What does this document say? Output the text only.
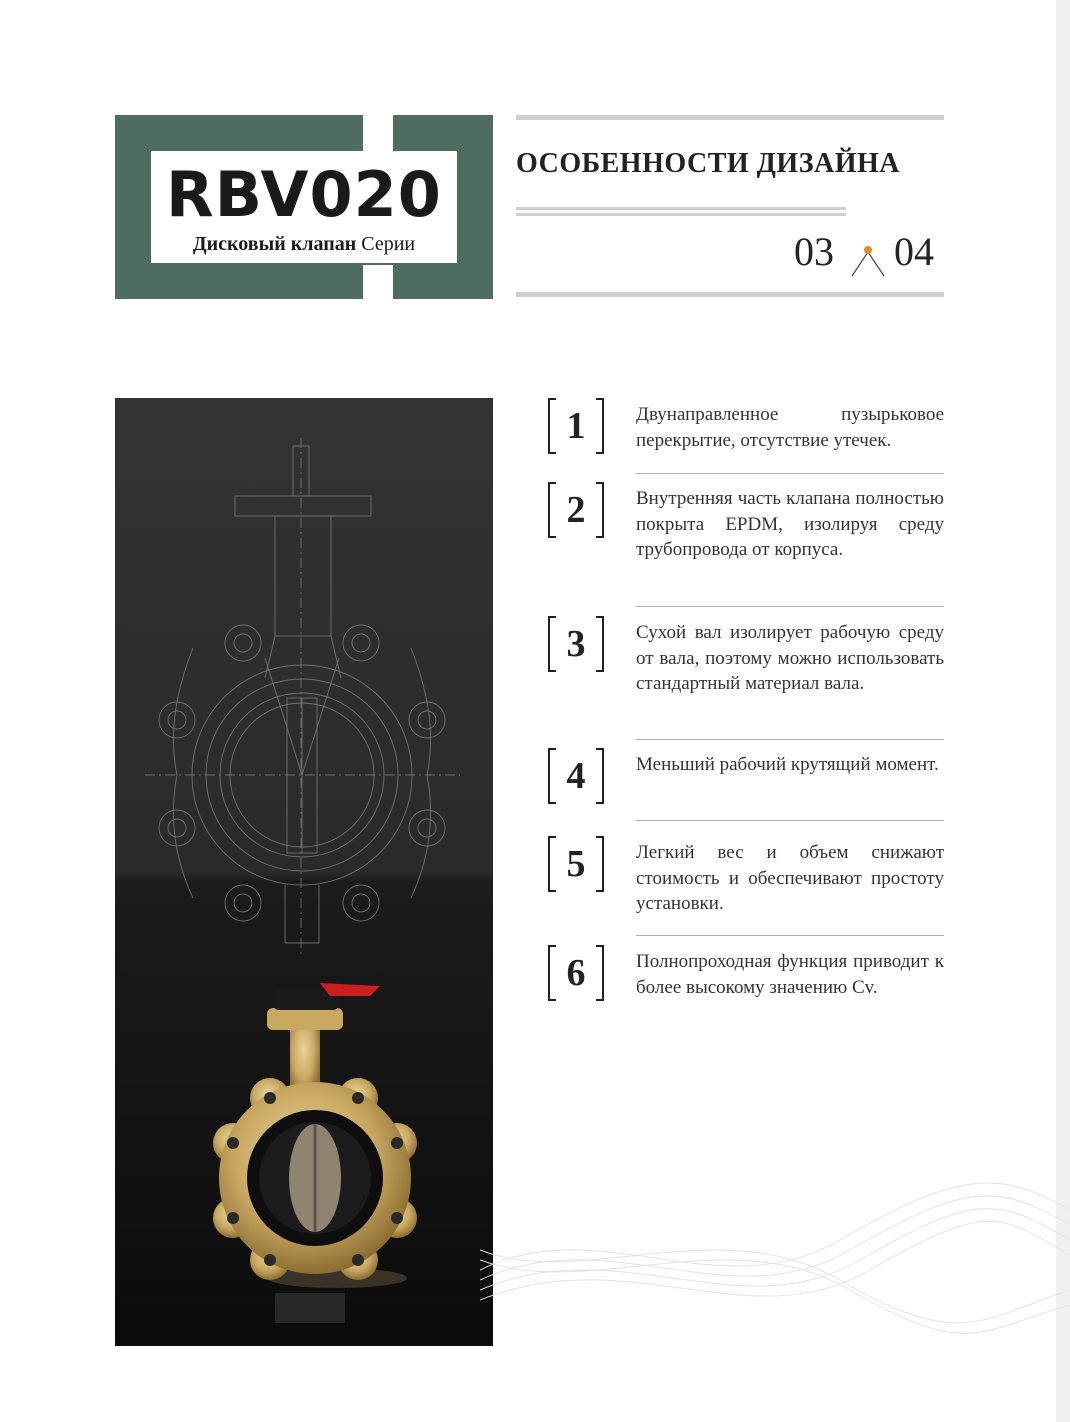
RBV020
Дисковый клапан Серии
ОСОБЕННОСТИ ДИЗАЙНА
03 04
1	Двунаправленное пузырьковое перекрытие, отсутствие утечек.
2	Внутренняя часть клапана полностью покрыта EPDM, изолируя среду трубопровода от корпуса.
3	Сухой вал изолирует рабочую среду от вала, поэтому можно использовать стандартный материал вала.
4	Меньший рабочий крутящий момент.
5	Легкий вес и объем снижают стоимость и обеспечивают простоту установки.
6	Полнопроходная функция приводит к более высокому значению Cv.
